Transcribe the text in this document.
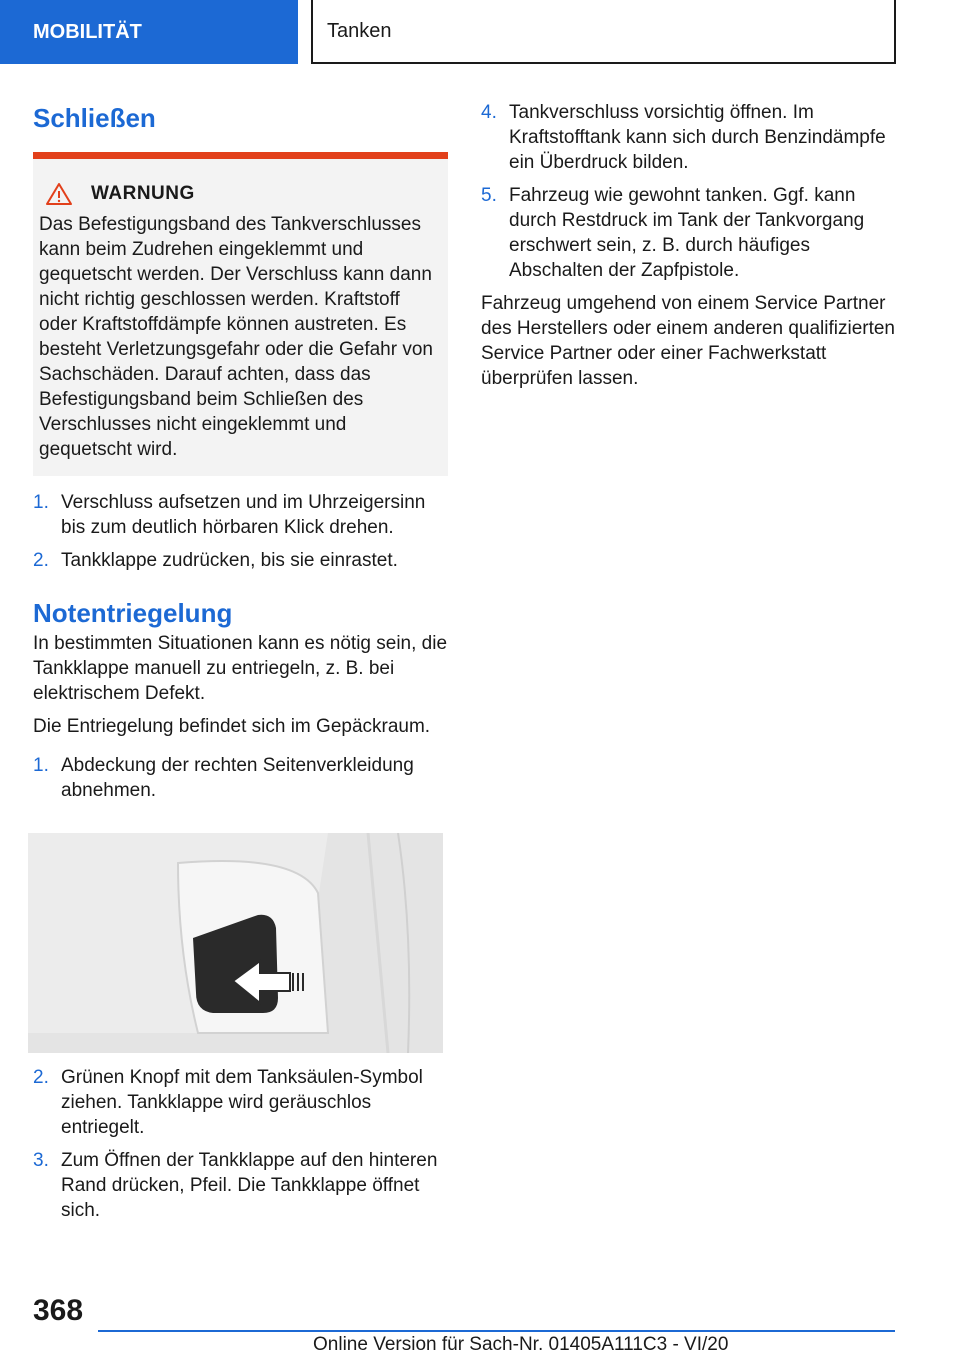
MOBILITÄT	Tanken
Schließen
WARNUNG
Das Befestigungsband des Tankverschlusses kann beim Zudrehen eingeklemmt und gequetscht werden. Der Verschluss kann dann nicht richtig geschlossen werden. Kraftstoff oder Kraftstoffdämpfe können austreten. Es besteht Verletzungsgefahr oder die Gefahr von Sachschäden. Darauf achten, dass das Befestigungsband beim Schließen des Verschlusses nicht eingeklemmt und gequetscht wird.
1. Verschluss aufsetzen und im Uhrzeigersinn bis zum deutlich hörbaren Klick drehen.
2. Tankklappe zudrücken, bis sie einrastet.
Notentriegelung

In bestimmten Situationen kann es nötig sein, die Tankklappe manuell zu entriegeln, z. B. bei elektrischem Defekt.

Die Entriegelung befindet sich im Gepäckraum.

1. Abdeckung der rechten Seitenverkleidung abnehmen.
2. Grünen Knopf mit dem Tanksäulen-Symbol ziehen. Tankklappe wird geräuschlos entriegelt.
3. Zum Öffnen der Tankklappe auf den hinteren Rand drücken, Pfeil. Die Tankklappe öffnet sich.
4. Tankverschluss vorsichtig öffnen. Im Kraftstofftank kann sich durch Benzindämpfe ein Überdruck bilden.
5. Fahrzeug wie gewohnt tanken. Ggf. kann durch Restdruck im Tank der Tankvorgang erschwert sein, z. B. durch häufiges Abschalten der Zapfpistole.

Fahrzeug umgehend von einem Service Partner des Herstellers oder einem anderen qualifizierten Service Partner oder einer Fachwerkstatt überprüfen lassen.

368
Online Version für Sach-Nr. 01405A111C3 - VI/20
